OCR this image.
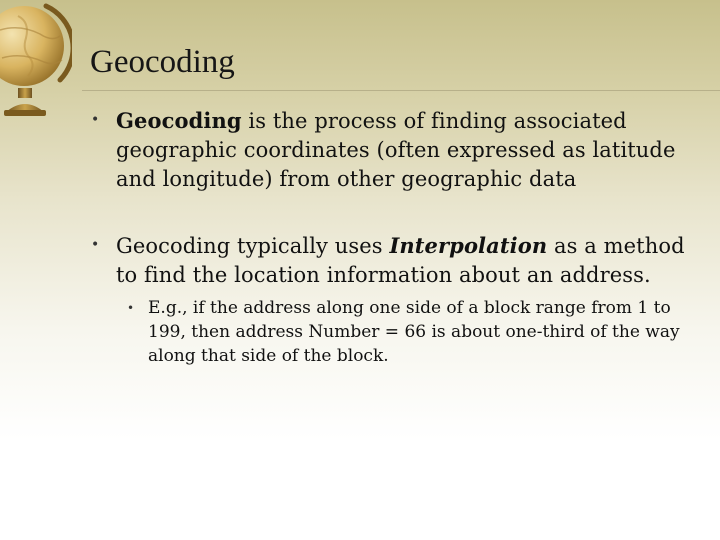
Geocoding

• Geocoding is the process of finding associated geographic coordinates (often expressed as latitude and longitude) from other geographic data

• Geocoding typically uses Interpolation as a method to find the location information about an address.

• E.g., if the address along one side of a block range from 1 to 199, then address Number = 66 is about one-third of the way along that side of the block.
